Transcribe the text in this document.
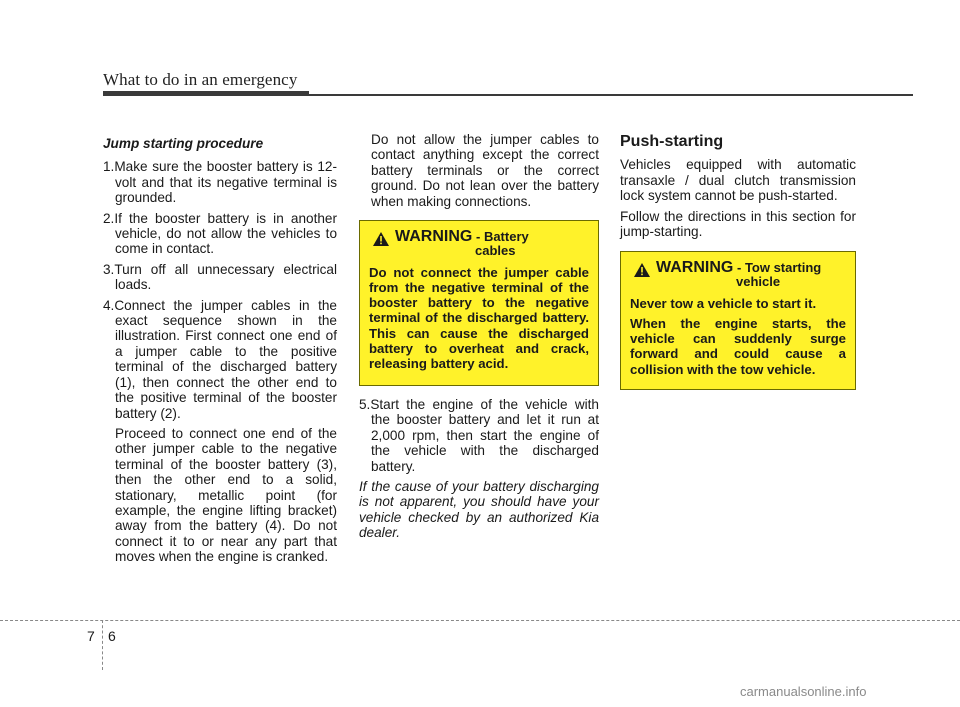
What to do in an emergency
Jump starting procedure

1.Make sure the booster battery is 12-volt and that its negative terminal is grounded.

2.If the booster battery is in another vehicle, do not allow the vehicles to come in contact.

3.Turn off all unnecessary electrical loads.

4.Connect the jumper cables in the exact sequence shown in the illustration. First connect one end of a jumper cable to the positive terminal of the discharged battery (1), then connect the other end to the positive terminal of the booster battery (2).

Proceed to connect one end of the other jumper cable to the negative terminal of the booster battery (3), then the other end to a solid, stationary, metallic point (for example, the engine lifting bracket) away from the battery (4). Do not connect it to or near any part that moves when the engine is cranked.

Do not allow the jumper cables to contact anything except the correct battery terminals or the correct ground. Do not lean over the battery when making connections.

WARNING - Battery
cables

Do not connect the jumper cable from the negative terminal of the booster battery to the negative terminal of the discharged battery. This can cause the discharged battery to overheat and crack, releasing battery acid.

5.Start the engine of the vehicle with the booster battery and let it run at 2,000 rpm, then start the engine of the vehicle with the discharged battery.

If the cause of your battery discharging is not apparent, you should have your vehicle checked by an authorized Kia dealer.

Push-starting

Vehicles equipped with automatic transaxle / dual clutch transmission lock system cannot be push-started.

Follow the directions in this section for jump-starting.

WARNING - Tow starting
vehicle

Never tow a vehicle to start it.

When the engine starts, the vehicle can suddenly surge forward and could cause a collision with the tow vehicle.

7 6
carmanualsonline.info
